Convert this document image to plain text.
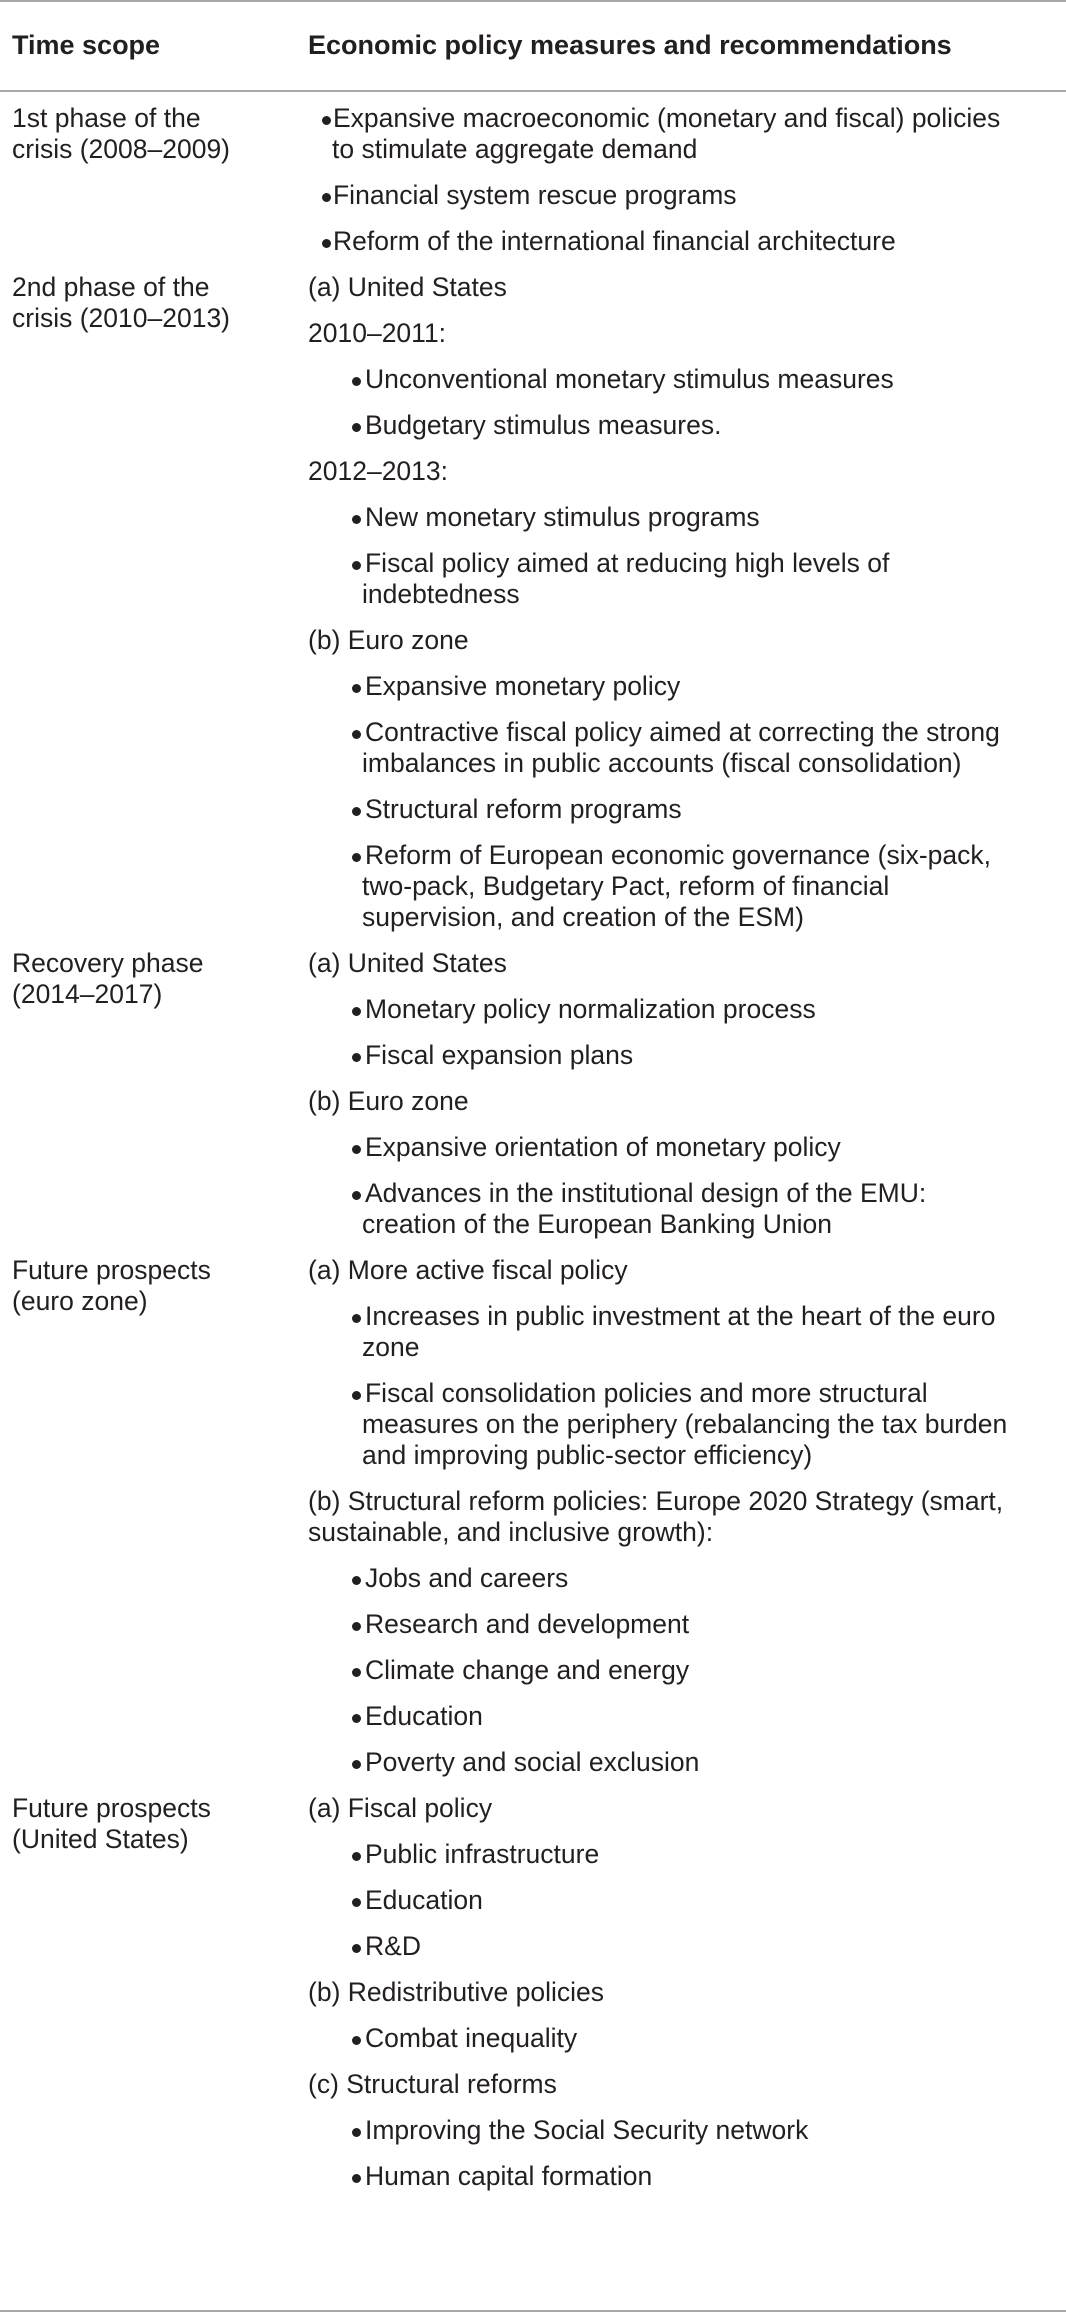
Time scope	Economic policy measures and recommendations
1st phase of the
crisis (2008–2009)
Expansive macroeconomic (monetary and fiscal) policies
to stimulate aggregate demand
Financial system rescue programs
Reform of the international financial architecture
2nd phase of the
crisis (2010–2013)
(a) United States
2010–2011:
Unconventional monetary stimulus measures
Budgetary stimulus measures.
2012–2013:
New monetary stimulus programs
Fiscal policy aimed at reducing high levels of
indebtedness
(b) Euro zone
Expansive monetary policy
Contractive fiscal policy aimed at correcting the strong
imbalances in public accounts (fiscal consolidation)
Structural reform programs
Reform of European economic governance (six-pack,
two-pack, Budgetary Pact, reform of financial
supervision, and creation of the ESM)
Recovery phase
(2014–2017)
(a) United States
Monetary policy normalization process
Fiscal expansion plans
(b) Euro zone
Expansive orientation of monetary policy
Advances in the institutional design of the EMU:
creation of the European Banking Union
Future prospects
(euro zone)
(a) More active fiscal policy
Increases in public investment at the heart of the euro
zone
Fiscal consolidation policies and more structural
measures on the periphery (rebalancing the tax burden
and improving public-sector efficiency)
(b) Structural reform policies: Europe 2020 Strategy (smart,
sustainable, and inclusive growth):
Jobs and careers
Research and development
Climate change and energy
Education
Poverty and social exclusion
Future prospects
(United States)
(a) Fiscal policy
Public infrastructure
Education
R&D
(b) Redistributive policies
Combat inequality
(c) Structural reforms
Improving the Social Security network
Human capital formation
